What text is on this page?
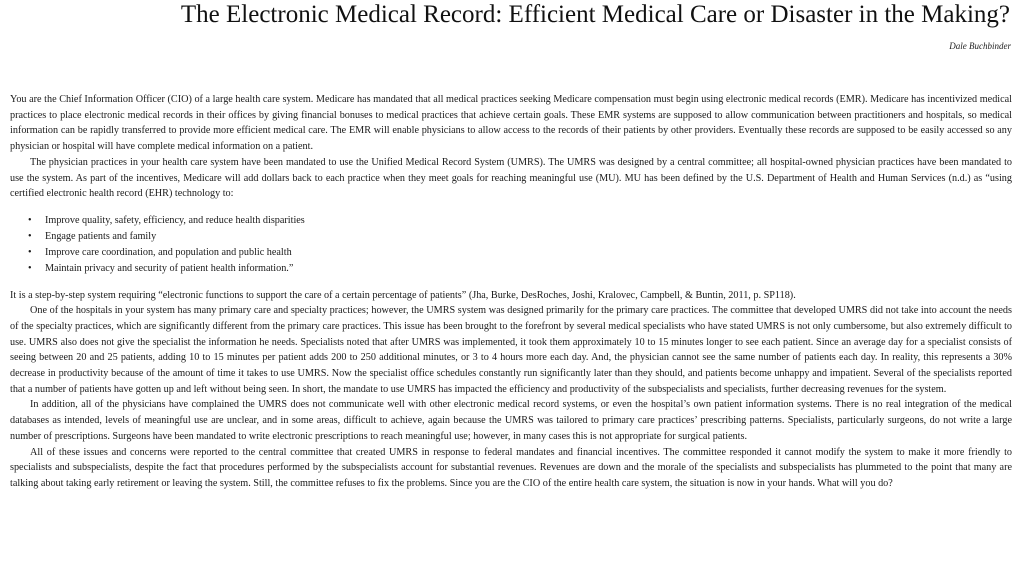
The Electronic Medical Record: Efficient Medical Care or Disaster in the Making?
Dale Buchbinder

You are the Chief Information Officer (CIO) of a large health care system. Medicare has mandated that all medical practices seeking Medicare compensation must begin using electronic medical records (EMR). Medicare has incentivized medical practices to place electronic medical records in their offices by giving financial bonuses to medical practices that achieve certain goals. These EMR systems are supposed to allow communication between practitioners and hospitals, so medical information can be rapidly transferred to provide more efficient medical care. The EMR will enable physicians to allow access to the records of their patients by other providers. Eventually these records are supposed to be easily accessed so any physician or hospital will have complete medical information on a patient.

The physician practices in your health care system have been mandated to use the Unified Medical Record System (UMRS). The UMRS was designed by a central committee; all hospital-owned physician practices have been mandated to use the system. As part of the incentives, Medicare will add dollars back to each practice when they meet goals for reaching meaningful use (MU). MU has been defined by the U.S. Department of Health and Human Services (n.d.) as “using certified electronic health record (EHR) technology to:

• Improve quality, safety, efficiency, and reduce health disparities
• Engage patients and family
• Improve care coordination, and population and public health
• Maintain privacy and security of patient health information.”

It is a step-by-step system requiring “electronic functions to support the care of a certain percentage of patients” (Jha, Burke, DesRoches, Joshi, Kralovec, Campbell, & Buntin, 2011, p. SP118).

One of the hospitals in your system has many primary care and specialty practices; however, the UMRS system was designed primarily for the primary care practices. The committee that developed UMRS did not take into account the needs of the specialty practices, which are significantly different from the primary care practices. This issue has been brought to the forefront by several medical specialists who have stated UMRS is not only cumbersome, but also extremely difficult to use. UMRS also does not give the specialist the information he needs. Specialists noted that after UMRS was implemented, it took them approximately 10 to 15 minutes longer to see each patient. Since an average day for a specialist consists of seeing between 20 and 25 patients, adding 10 to 15 minutes per patient adds 200 to 250 additional minutes, or 3 to 4 hours more each day. And, the physician cannot see the same number of patients each day. In reality, this represents a 30% decrease in productivity because of the amount of time it takes to use UMRS. Now the specialist office schedules constantly run significantly later than they should, and patients become unhappy and impatient. Several of the specialists reported that a number of patients have gotten up and left without being seen. In short, the mandate to use UMRS has impacted the efficiency and productivity of the subspecialists and specialists, further decreasing revenues for the system.

In addition, all of the physicians have complained the UMRS does not communicate well with other electronic medical record systems, or even the hospital’s own patient information systems. There is no real integration of the medical databases as intended, levels of meaningful use are unclear, and in some areas, difficult to achieve, again because the UMRS was tailored to primary care practices’ prescribing patterns. Specialists, particularly surgeons, do not write a large number of prescriptions. Surgeons have been mandated to write electronic prescriptions to reach meaningful use; however, in many cases this is not appropriate for surgical patients.

All of these issues and concerns were reported to the central committee that created UMRS in response to federal mandates and financial incentives. The committee responded it cannot modify the system to make it more friendly to specialists and subspecialists, despite the fact that procedures performed by the subspecialists account for substantial revenues. Revenues are down and the morale of the specialists and subspecialists has plummeted to the point that many are talking about taking early retirement or leaving the system. Still, the committee refuses to fix the problems. Since you are the CIO of the entire health care system, the situation is now in your hands. What will you do?
